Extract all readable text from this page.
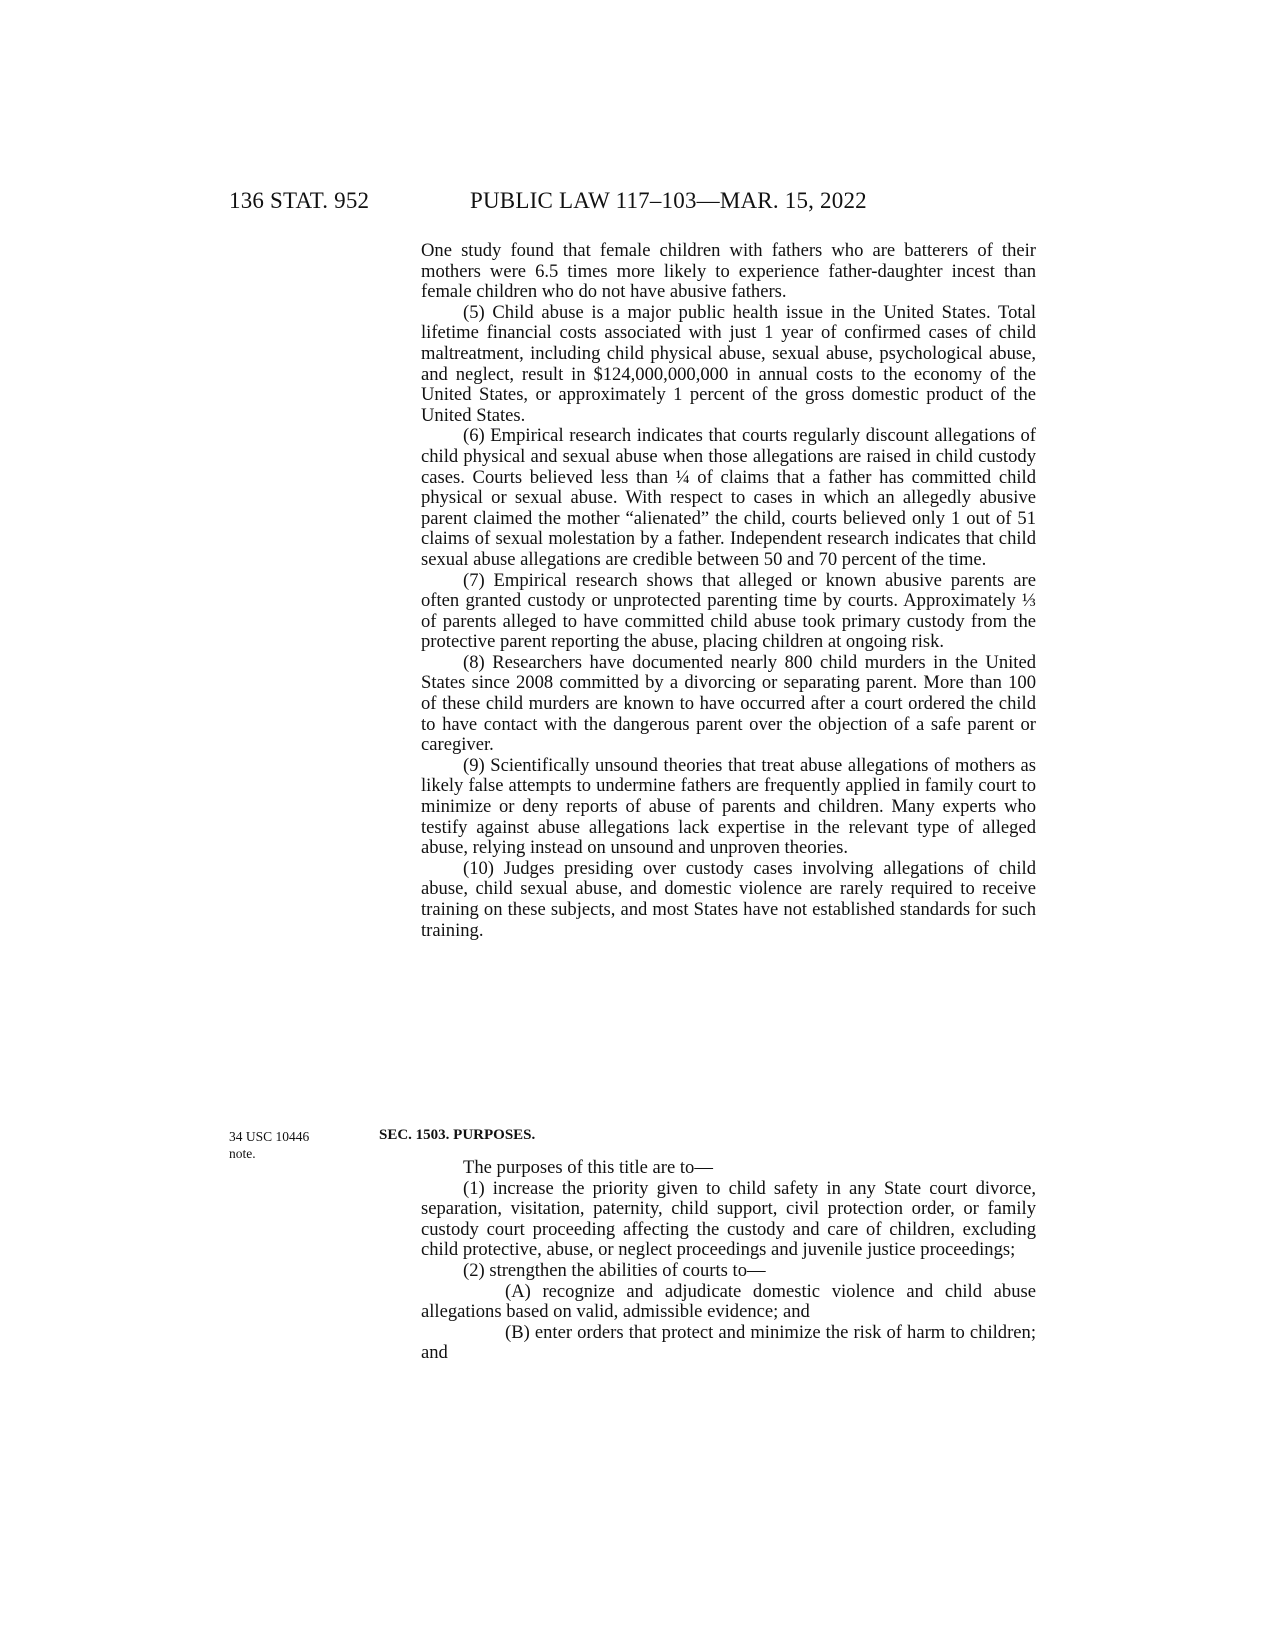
136 STAT. 952	PUBLIC LAW 117–103—MAR. 15, 2022

One study found that female children with fathers who are batterers of their mothers were 6.5 times more likely to experience father-daughter incest than female children who do not have abusive fathers.

(5) Child abuse is a major public health issue in the United States. Total lifetime financial costs associated with just 1 year of confirmed cases of child maltreatment, including child physical abuse, sexual abuse, psychological abuse, and neglect, result in $124,000,000,000 in annual costs to the economy of the United States, or approximately 1 percent of the gross domestic product of the United States.

(6) Empirical research indicates that courts regularly discount allegations of child physical and sexual abuse when those allegations are raised in child custody cases. Courts believed less than ¼ of claims that a father has committed child physical or sexual abuse. With respect to cases in which an allegedly abusive parent claimed the mother “alienated” the child, courts believed only 1 out of 51 claims of sexual molestation by a father. Independent research indicates that child sexual abuse allegations are credible between 50 and 70 percent of the time.

(7) Empirical research shows that alleged or known abusive parents are often granted custody or unprotected parenting time by courts. Approximately ⅓ of parents alleged to have committed child abuse took primary custody from the protective parent reporting the abuse, placing children at ongoing risk.

(8) Researchers have documented nearly 800 child murders in the United States since 2008 committed by a divorcing or separating parent. More than 100 of these child murders are known to have occurred after a court ordered the child to have contact with the dangerous parent over the objection of a safe parent or caregiver.

(9) Scientifically unsound theories that treat abuse allegations of mothers as likely false attempts to undermine fathers are frequently applied in family court to minimize or deny reports of abuse of parents and children. Many experts who testify against abuse allegations lack expertise in the relevant type of alleged abuse, relying instead on unsound and unproven theories.

(10) Judges presiding over custody cases involving allegations of child abuse, child sexual abuse, and domestic violence are rarely required to receive training on these subjects, and most States have not established standards for such training.

34 USC 10446
note.
SEC. 1503. PURPOSES.

The purposes of this title are to—

(1) increase the priority given to child safety in any State court divorce, separation, visitation, paternity, child support, civil protection order, or family custody court proceeding affecting the custody and care of children, excluding child protective, abuse, or neglect proceedings and juvenile justice proceedings;

(2) strengthen the abilities of courts to—

(A) recognize and adjudicate domestic violence and child abuse allegations based on valid, admissible evidence; and

(B) enter orders that protect and minimize the risk of harm to children; and
